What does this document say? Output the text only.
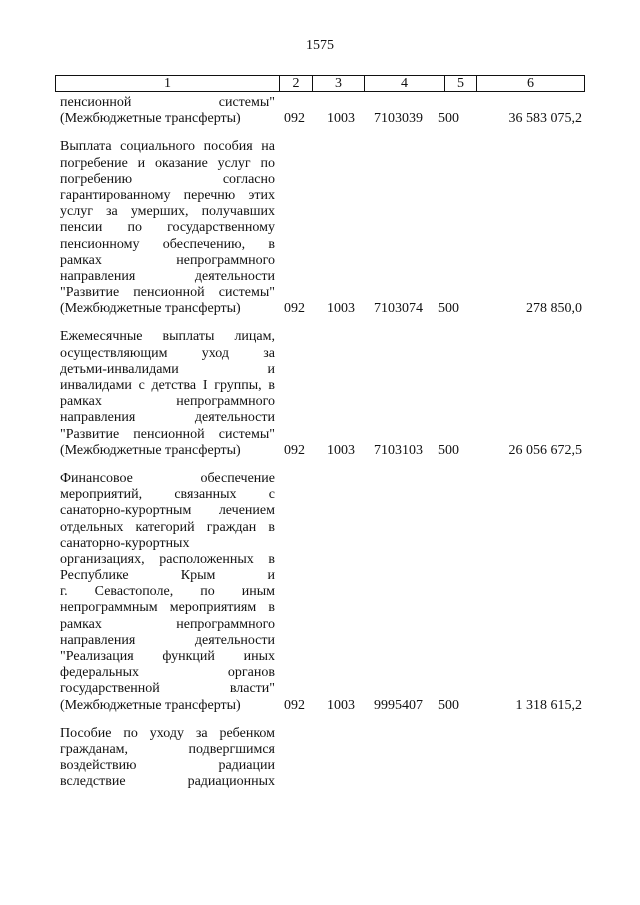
1575
1	2	3	4	5	6
пенсионной системы"
(Межбюджетные трансферты)	092 1003 7103039 500	36 583 075,2
Выплата социального пособия на
погребение и оказание услуг по
погребению согласно
гарантированному перечню этих
услуг за умерших, получавших
пенсии по государственному
пенсионному обеспечению, в
рамках непрограммного
направления деятельности
"Развитие пенсионной системы"
(Межбюджетные трансферты)	092 1003 7103074 500	278 850,0
Ежемесячные выплаты лицам,
осуществляющим уход за
детьми-инвалидами и
инвалидами с детства I группы, в
рамках непрограммного
направления деятельности
"Развитие пенсионной системы"
(Межбюджетные трансферты)	092 1003 7103103 500	26 056 672,5
Финансовое обеспечение
мероприятий, связанных с
санаторно-курортным лечением
отдельных категорий граждан в
санаторно-курортных
организациях, расположенных в
Республике Крым и
г. Севастополе, по иным
непрограммным мероприятиям в
рамках непрограммного
направления деятельности
"Реализация функций иных
федеральных органов
государственной власти"
(Межбюджетные трансферты)	092 1003 9995407 500	1 318 615,2
Пособие по уходу за ребенком
гражданам, подвергшимся
воздействию радиации
вследствие радиационных
